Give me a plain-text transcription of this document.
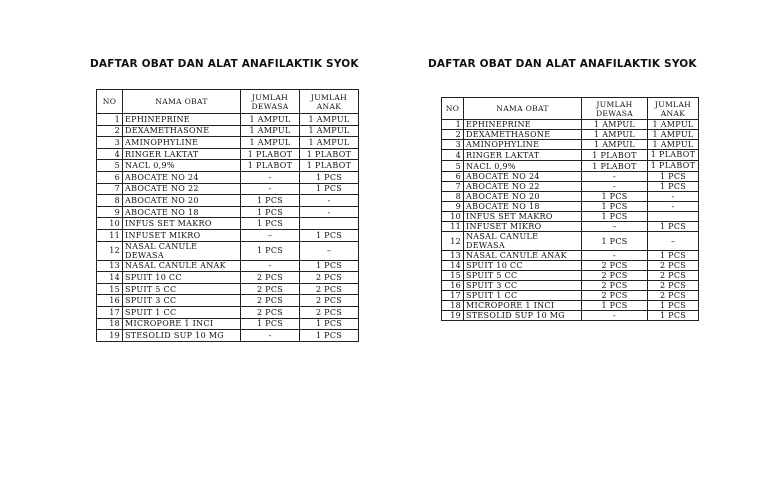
DAFTAR OBAT DAN ALAT ANAFILAKTIK SYOK

NO	NAMA OBAT	JUMLAH DEWASA	JUMLAH ANAK
1	EPHINEPRINE	1 AMPUL	1 AMPUL
2	DEXAMETHASONE	1 AMPUL	1 AMPUL
3	AMINOPHYLINE	1 AMPUL	1 AMPUL
4	RINGER LAKTAT	1 PLABOT	1 PLABOT
5	NACL 0,9%	1 PLABOT	1 PLABOT
6	ABOCATE NO 24	-	1 PCS
7	ABOCATE NO 22	-	1 PCS
8	ABOCATE NO 20	1 PCS	-
9	ABOCATE NO 18	1 PCS	-
10	INFUS SET MAKRO	1 PCS	
11	INFUSET MIKRO	–	1 PCS
12	NASAL CANULE DEWASA	1 PCS	–
13	NASAL CANULE ANAK	-	1 PCS
14	SPUIT 10 CC	2 PCS	2 PCS
15	SPUIT 5 CC	2 PCS	2 PCS
16	SPUIT 3 CC	2 PCS	2 PCS
17	SPUIT 1 CC	2 PCS	2 PCS
18	MICROPORE 1 INCI	1 PCS	1 PCS
19	STESOLID SUP 10 MG	-	1 PCS

DAFTAR OBAT DAN ALAT ANAFILAKTIK SYOK

NO	NAMA OBAT	JUMLAH DEWASA	JUMLAH ANAK
1	EPHINEPRINE	1 AMPUL	1 AMPUL
2	DEXAMETHASONE	1 AMPUL	1 AMPUL
3	AMINOPHYLINE	1 AMPUL	1 AMPUL
4	RINGER LAKTAT	1 PLABOT	1 PLABOT
5	NACL 0,9%	1 PLABOT	1 PLABOT
6	ABOCATE NO 24	-	1 PCS
7	ABOCATE NO 22	-	1 PCS
8	ABOCATE NO 20	1 PCS	-
9	ABOCATE NO 18	1 PCS	-
10	INFUS SET MAKRO	1 PCS	
11	INFUSET MIKRO	–	1 PCS
12	NASAL CANULE DEWASA	1 PCS	–
13	NASAL CANULE ANAK	-	1 PCS
14	SPUIT 10 CC	2 PCS	2 PCS
15	SPUIT 5 CC	2 PCS	2 PCS
16	SPUIT 3 CC	2 PCS	2 PCS
17	SPUIT 1 CC	2 PCS	2 PCS
18	MICROPORE 1 INCI	1 PCS	1 PCS
19	STESOLID SUP 10 MG	-	1 PCS
